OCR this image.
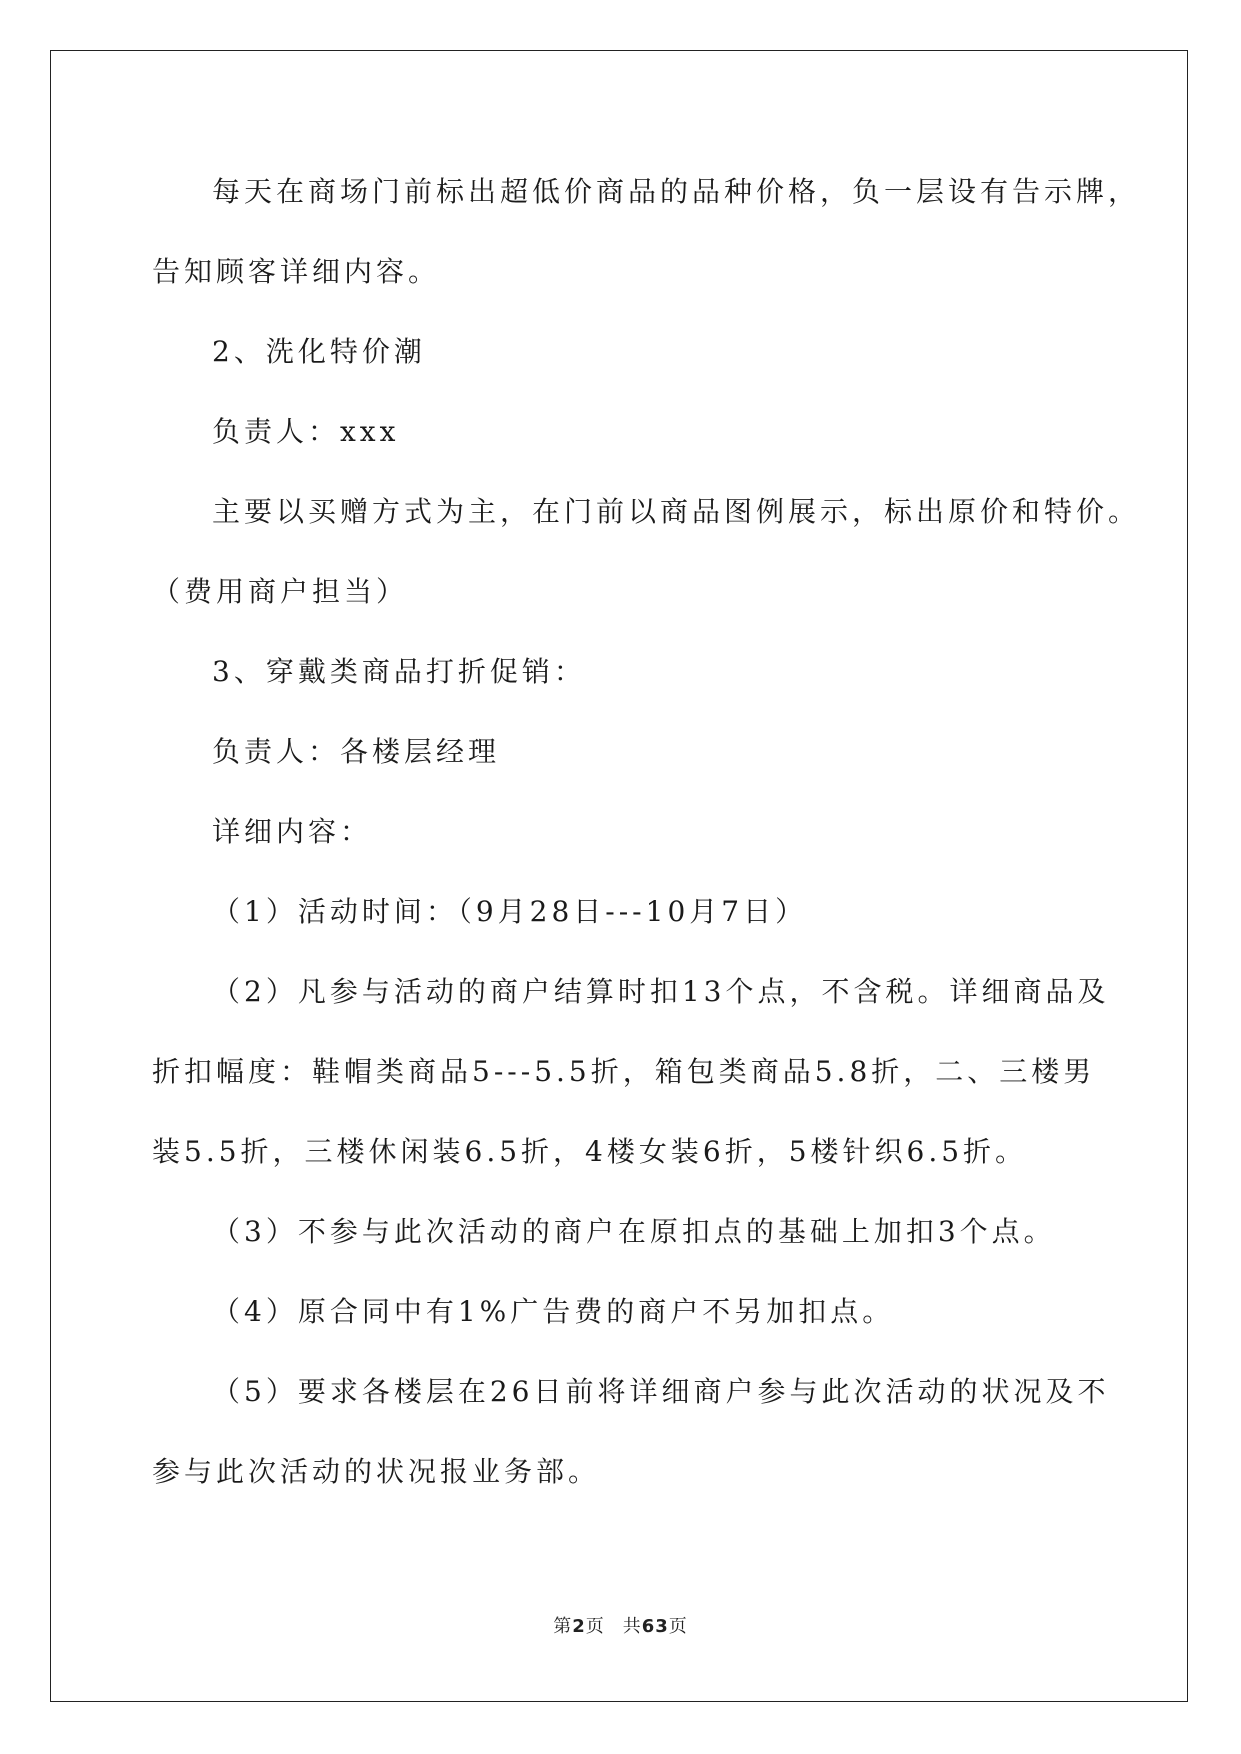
每天在商场门前标出超低价商品的品种价格，负一层设有告示牌，
告知顾客详细内容。
2、洗化特价潮
负责人：xxx
主要以买赠方式为主，在门前以商品图例展示，标出原价和特价。
（费用商户担当）
3、穿戴类商品打折促销：
负责人：各楼层经理
详细内容：
（1）活动时间：（9月28日---10月7日）
（2）凡参与活动的商户结算时扣13个点，不含税。详细商品及
折扣幅度：鞋帽类商品5---5.5折，箱包类商品5.8折，二、三楼男
装5.5折，三楼休闲装6.5折，4楼女装6折，5楼针织6.5折。
（3）不参与此次活动的商户在原扣点的基础上加扣3个点。
（4）原合同中有1%广告费的商户不另加扣点。
（5）要求各楼层在26日前将详细商户参与此次活动的状况及不
参与此次活动的状况报业务部。
第2页 共63页
